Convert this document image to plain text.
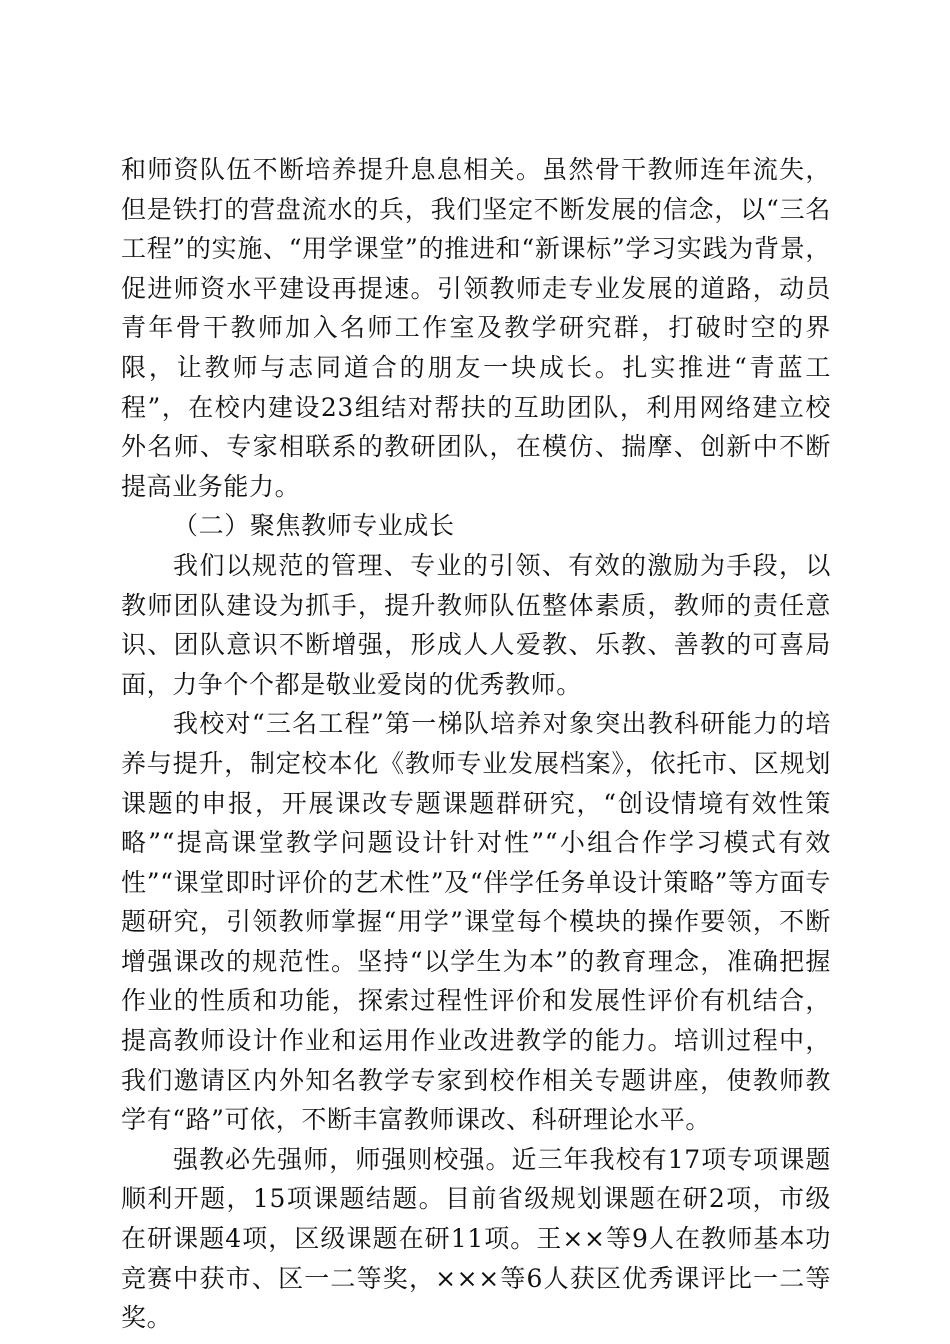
和师资队伍不断培养提升息息相关。虽然骨干教师连年流失，但是铁打的营盘流水的兵，我们坚定不断发展的信念，以“三名工程”的实施、“用学课堂”的推进和“新课标”学习实践为背景，促进师资水平建设再提速。引领教师走专业发展的道路，动员青年骨干教师加入名师工作室及教学研究群，打破时空的界限，让教师与志同道合的朋友一块成长。扎实推进“青蓝工程”，在校内建设23组结对帮扶的互助团队，利用网络建立校外名师、专家相联系的教研团队，在模仿、揣摩、创新中不断提高业务能力。

（二）聚焦教师专业成长

我们以规范的管理、专业的引领、有效的激励为手段，以教师团队建设为抓手，提升教师队伍整体素质，教师的责任意识、团队意识不断增强，形成人人爱教、乐教、善教的可喜局面，力争个个都是敬业爱岗的优秀教师。

我校对“三名工程”第一梯队培养对象突出教科研能力的培养与提升，制定校本化《教师专业发展档案》，依托市、区规划课题的申报，开展课改专题课题群研究，“创设情境有效性策略”“提高课堂教学问题设计针对性”“小组合作学习模式有效性”“课堂即时评价的艺术性”及“伴学任务单设计策略”等方面专题研究，引领教师掌握“用学”课堂每个模块的操作要领，不断增强课改的规范性。坚持“以学生为本”的教育理念，准确把握作业的性质和功能，探索过程性评价和发展性评价有机结合，提高教师设计作业和运用作业改进教学的能力。培训过程中，我们邀请区内外知名教学专家到校作相关专题讲座，使教师教学有“路”可依，不断丰富教师课改、科研理论水平。

强教必先强师，师强则校强。近三年我校有17项专项课题顺利开题，15项课题结题。目前省级规划课题在研2项，市级在研课题4项，区级课题在研11项。王××等9人在教师基本功竞赛中获市、区一二等奖，×××等6人获区优秀课评比一二等奖。
